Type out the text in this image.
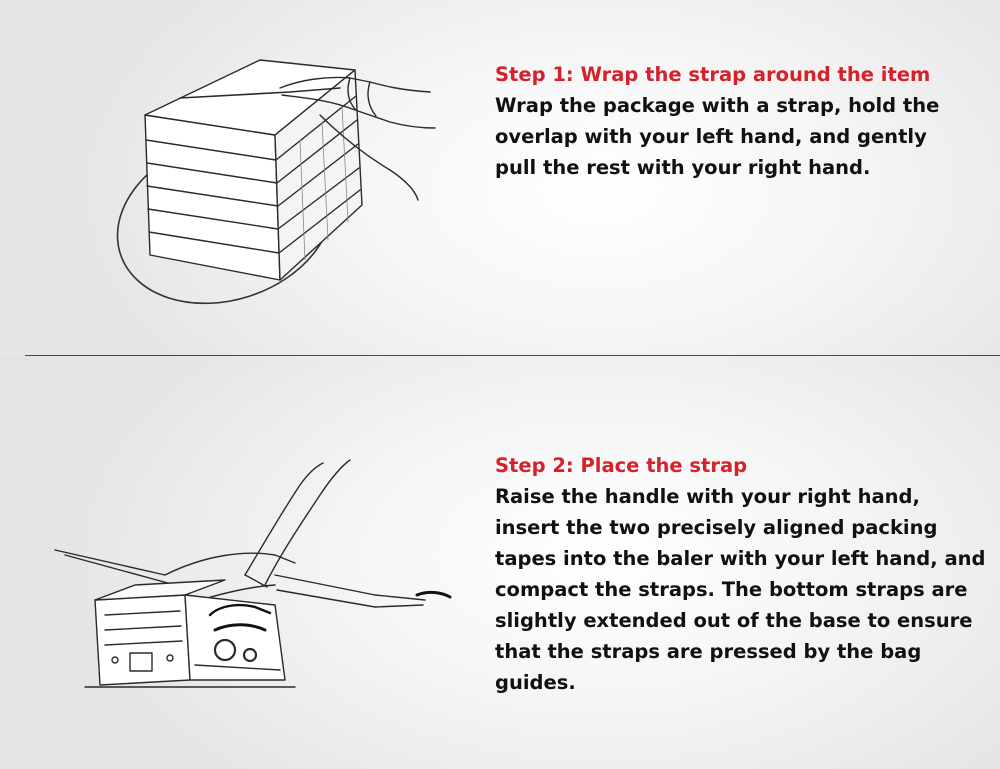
Step 1: Wrap the strap around the item

Wrap the package with a strap, hold the
overlap with your left hand, and gently
pull the rest with your right hand.

Step 2: Place the strap

Raise the handle with your right hand,
insert the two precisely aligned packing
tapes into the baler with your left hand, and
compact the straps. The bottom straps are
slightly extended out of the base to ensure
that the straps are pressed by the bag
guides.
